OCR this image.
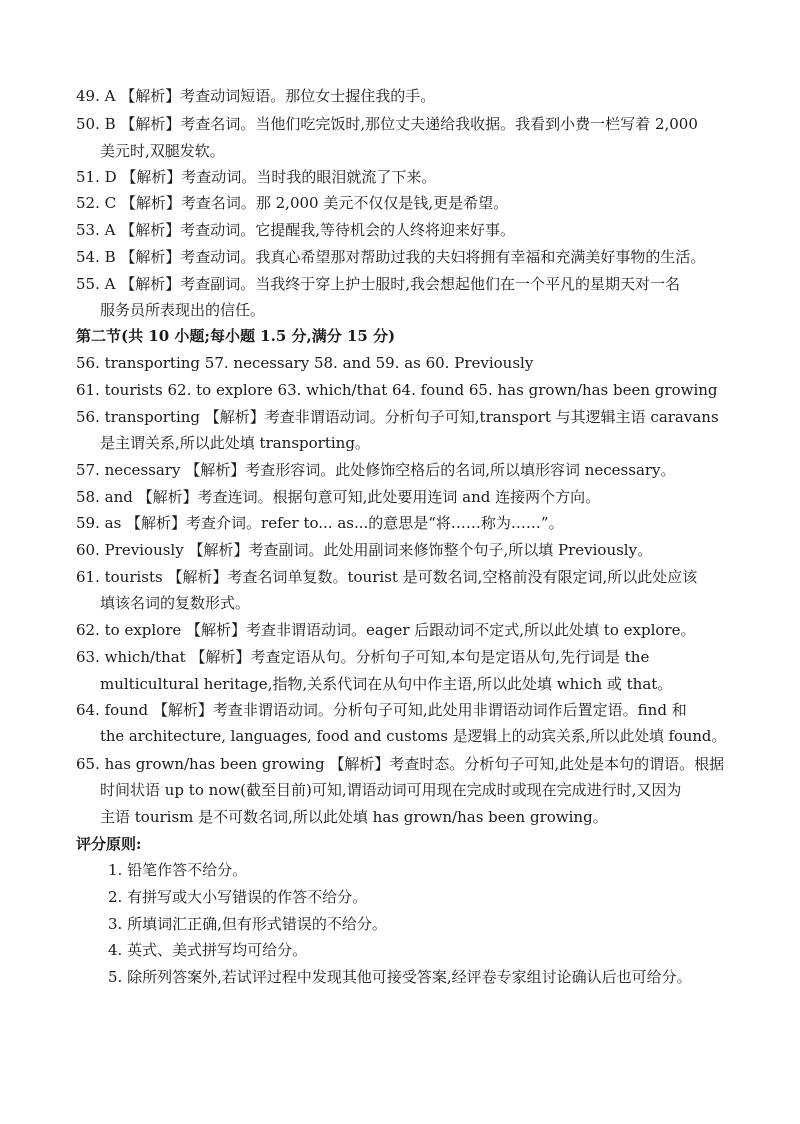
49. A 【解析】考查动词短语。那位女士握住我的手。
50. B 【解析】考查名词。当他们吃完饭时,那位丈夫递给我收据。我看到小费一栏写着 2,000
美元时,双腿发软。
51. D 【解析】考查动词。当时我的眼泪就流了下来。
52. C 【解析】考查名词。那 2,000 美元不仅仅是钱,更是希望。
53. A 【解析】考查动词。它提醒我,等待机会的人终将迎来好事。
54. B 【解析】考查动词。我真心希望那对帮助过我的夫妇将拥有幸福和充满美好事物的生活。
55. A 【解析】考查副词。当我终于穿上护士服时,我会想起他们在一个平凡的星期天对一名
服务员所表现出的信任。
第二节(共 10 小题;每小题 1.5 分,满分 15 分)
56. transporting 57. necessary 58. and 59. as 60. Previously
61. tourists 62. to explore 63. which/that 64. found 65. has grown/has been growing
56. transporting 【解析】考查非谓语动词。分析句子可知,transport 与其逻辑主语 caravans
是主谓关系,所以此处填 transporting。
57. necessary 【解析】考查形容词。此处修饰空格后的名词,所以填形容词 necessary。
58. and 【解析】考查连词。根据句意可知,此处要用连词 and 连接两个方向。
59. as 【解析】考查介词。refer to... as...的意思是“将……称为……”。
60. Previously 【解析】考查副词。此处用副词来修饰整个句子,所以填 Previously。
61. tourists 【解析】考查名词单复数。tourist 是可数名词,空格前没有限定词,所以此处应该
填该名词的复数形式。
62. to explore 【解析】考查非谓语动词。eager 后跟动词不定式,所以此处填 to explore。
63. which/that 【解析】考查定语从句。分析句子可知,本句是定语从句,先行词是 the
multicultural heritage,指物,关系代词在从句中作主语,所以此处填 which 或 that。
64. found 【解析】考查非谓语动词。分析句子可知,此处用非谓语动词作后置定语。find 和
the architecture, languages, food and customs 是逻辑上的动宾关系,所以此处填 found。
65. has grown/has been growing 【解析】考查时态。分析句子可知,此处是本句的谓语。根据
时间状语 up to now(截至目前)可知,谓语动词可用现在完成时或现在完成进行时,又因为
主语 tourism 是不可数名词,所以此处填 has grown/has been growing。
评分原则:
1. 铅笔作答不给分。
2. 有拼写或大小写错误的作答不给分。
3. 所填词汇正确,但有形式错误的不给分。
4. 英式、美式拼写均可给分。
5. 除所列答案外,若试评过程中发现其他可接受答案,经评卷专家组讨论确认后也可给分。
